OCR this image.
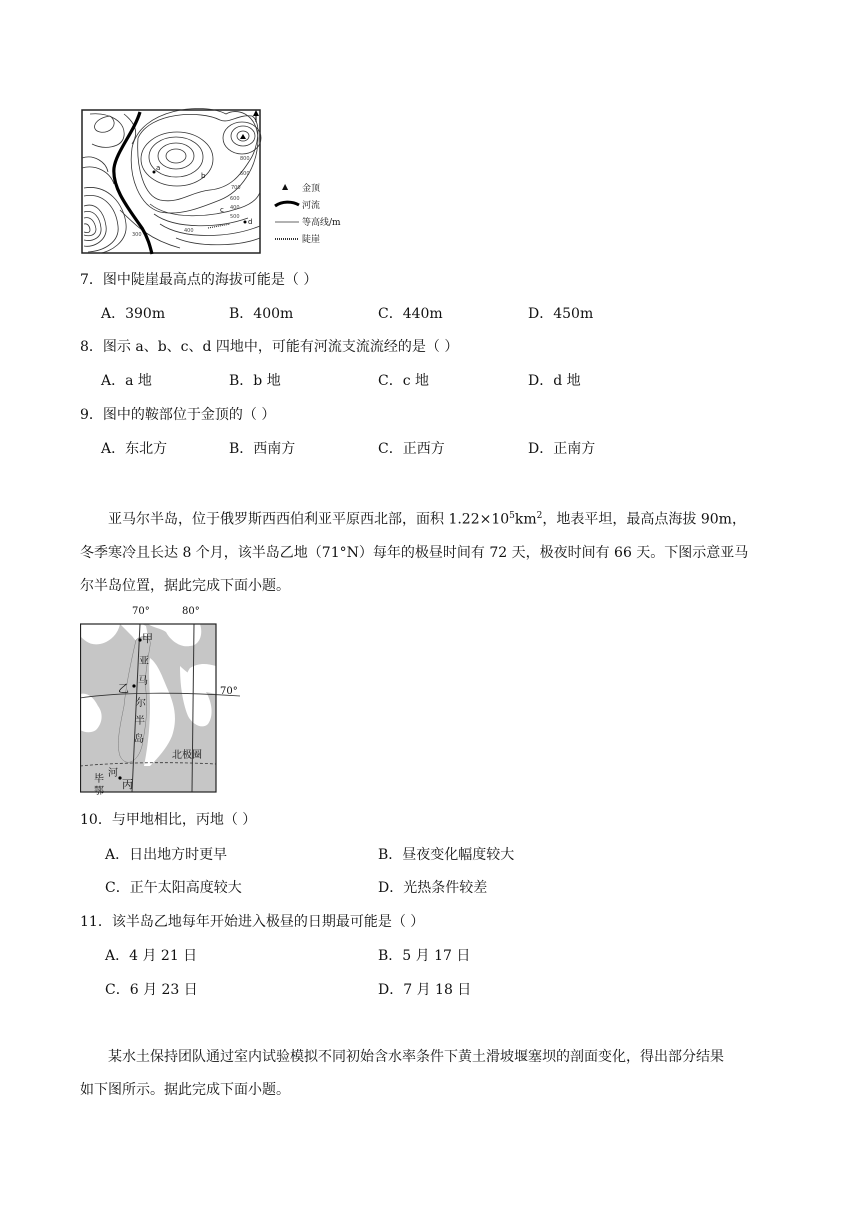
800
600
700
600
400
500
400
300
a
b
c
d
▲ 金顶
河流
等高线/m
陡崖
7．图中陡崖最高点的海拔可能是（ ）
A．390m	B．400m	C．440m	D．450m
8．图示 a、b、c、d 四地中，可能有河流支流流经的是（ ）
A．a 地	B．b 地	C．c 地	D．d 地
9．图中的鞍部位于金顶的（ ）
A．东北方	B．西南方	C．正西方	D．正南方
亚马尔半岛，位于俄罗斯西西伯利亚平原西北部，面积 $1.22\times 10^5km^2$，地表平坦，最高点海拔 90m，
冬季寒冷且长达 8 个月，该半岛乙地（71°N）每年的极昼时间有 72 天，极夜时间有 66 天。下图示意亚马
尔半岛位置，据此完成下面小题。
70°	80°
70°
甲
乙
丙
亚
马
尔
半
岛
北极圈
河
毕
鄂
10．与甲地相比，丙地（ ）
A．日出地方时更早	B．昼夜变化幅度较大
C．正午太阳高度较大	D．光热条件较差
11．该半岛乙地每年开始进入极昼的日期最可能是（ ）
A．4 月 21 日	B．5 月 17 日
C．6 月 23 日	D．7 月 18 日
某水土保持团队通过室内试验模拟不同初始含水率条件下黄土滑坡堰塞坝的剖面变化，得出部分结果
如下图所示。据此完成下面小题。
